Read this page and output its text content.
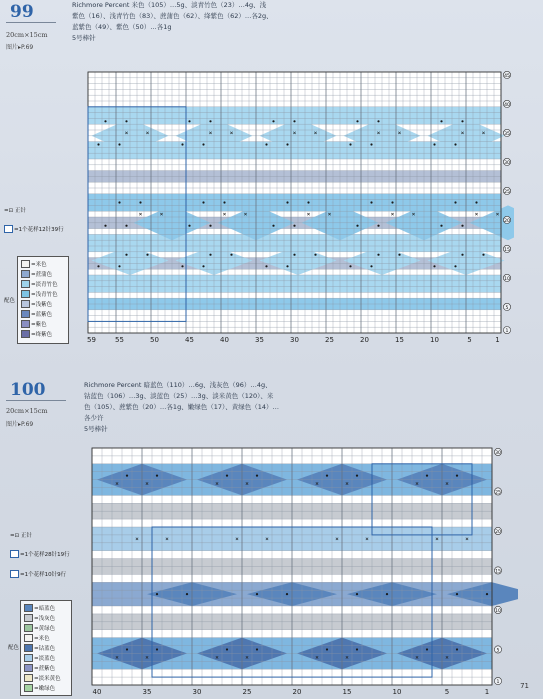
99
20cm×15cm
图片▸P.69
Richmore Percent 米色（105）…5g、淡青竹色（23）…4g、浅
紫色（16）、浅青竹色（83）、蔗蒲色（62）、绛紫色（62）…各2g、
蓝紫色（49）、紫色（50）…各1g
5号棒针
=⊡ 正针
=1个花样12针39行
=米色
=蔗蒲色
=淡青竹色
=浅青竹色
=浅紫色
=蓝紫色
=紫色
=绛紫色
配色
59	55	50	45	40	35	30	25	20	15	10	5	1
45
40
35
30
25
20
15
10
5
1
100
20cm×15cm
图片▸P.69
Richmore Percent 暗蓝色（110）…6g、浅灰色（96）…4g、
钴蓝色（106）…3g、淡蓝色（25）…3g、淡米黄色（120）、米
色（105）、蔗紫色（20）…各1g、嫩绿色（17）、黄绿色（14）…
各少许
5号棒针
=⊡ 正针
=1个花样28针19行
=1个花样10针9行
=暗蓝色
=浅灰色
=黄绿色
=米色
=钴蓝色
=淡蓝色
=蔗紫色
=淡米黄色
=嫩绿色
配色
40	35	30	25	20	15	10	5	1
30
25
20
15
10
5
1	71
